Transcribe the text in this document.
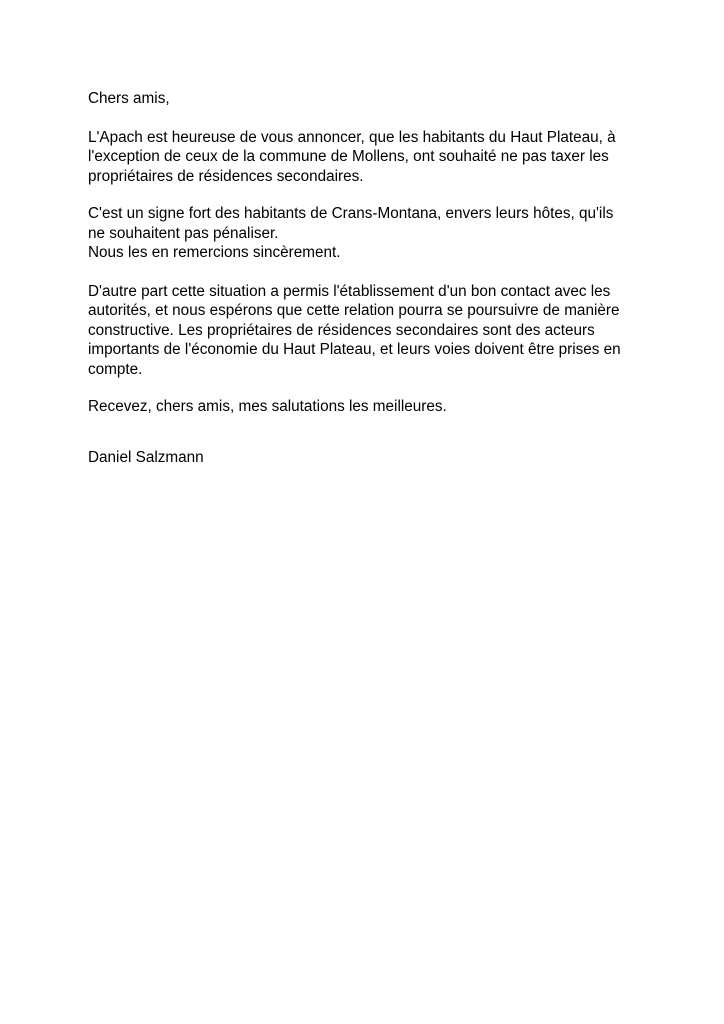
Chers amis,
L'Apach est heureuse de vous annoncer, que les habitants du Haut Plateau, à
l'exception de ceux de la commune de Mollens, ont souhaité ne pas taxer les
propriétaires de résidences secondaires.
C'est un signe fort des habitants de Crans-Montana, envers leurs hôtes, qu'ils
ne souhaitent pas pénaliser.
Nous les en remercions sincèrement.
D'autre part cette situation a permis l'établissement d'un bon contact avec les
autorités, et nous espérons que cette relation pourra se poursuivre de manière
constructive. Les propriétaires de résidences secondaires sont des acteurs
importants de l'économie du Haut Plateau, et leurs voies doivent être prises en
compte.
Recevez, chers amis, mes salutations les meilleures.
Daniel Salzmann
